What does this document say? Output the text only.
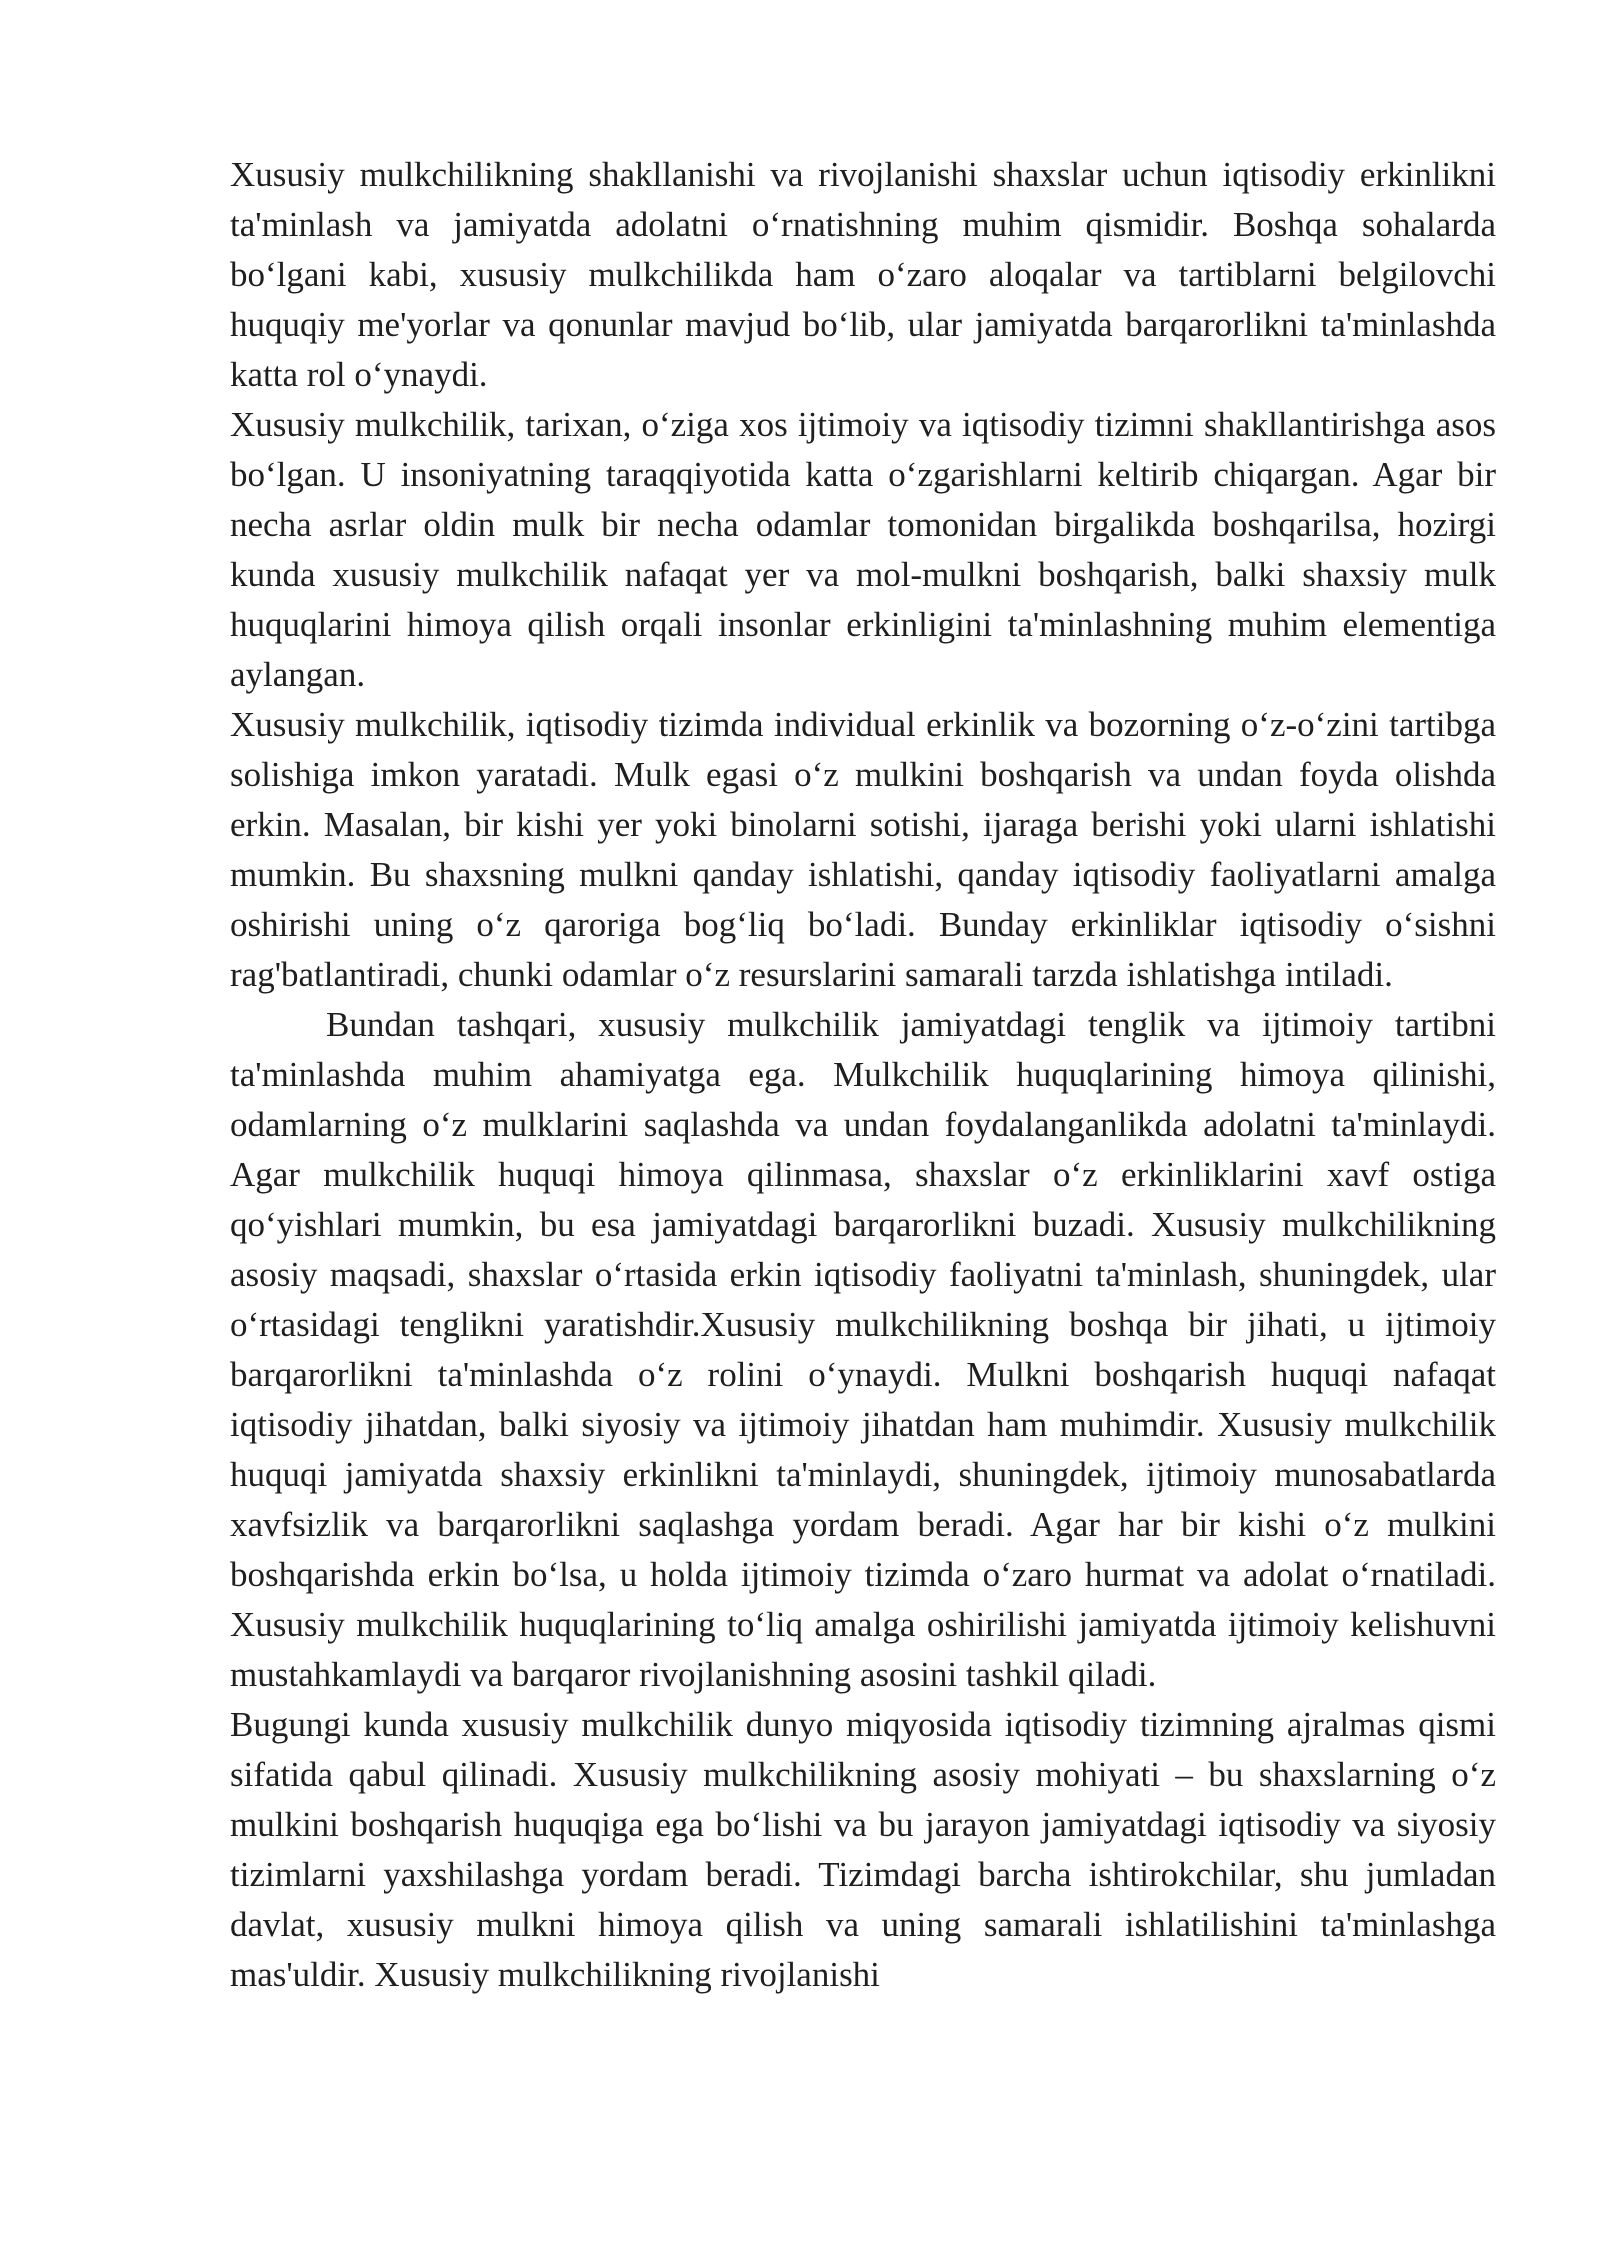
Xususiy mulkchilikning shakllanishi va rivojlanishi shaxslar uchun iqtisodiy erkinlikni ta'minlash va jamiyatda adolatni o‘rnatishning muhim qismidir. Boshqa sohalarda bo‘lgani kabi, xususiy mulkchilikda ham o‘zaro aloqalar va tartiblarni belgilovchi huquqiy me'yorlar va qonunlar mavjud bo‘lib, ular jamiyatda barqarorlikni ta'minlashda katta rol o‘ynaydi.

Xususiy mulkchilik, tarixan, o‘ziga xos ijtimoiy va iqtisodiy tizimni shakllantirishga asos bo‘lgan. U insoniyatning taraqqiyotida katta o‘zgarishlarni keltirib chiqargan. Agar bir necha asrlar oldin mulk bir necha odamlar tomonidan birgalikda boshqarilsa, hozirgi kunda xususiy mulkchilik nafaqat yer va mol-mulkni boshqarish, balki shaxsiy mulk huquqlarini himoya qilish orqali insonlar erkinligini ta'minlashning muhim elementiga aylangan.

Xususiy mulkchilik, iqtisodiy tizimda individual erkinlik va bozorning o‘z-o‘zini tartibga solishiga imkon yaratadi. Mulk egasi o‘z mulkini boshqarish va undan foyda olishda erkin. Masalan, bir kishi yer yoki binolarni sotishi, ijaraga berishi yoki ularni ishlatishi mumkin. Bu shaxsning mulkni qanday ishlatishi, qanday iqtisodiy faoliyatlarni amalga oshirishi uning o‘z qaroriga bog‘liq bo‘ladi. Bunday erkinliklar iqtisodiy o‘sishni rag'batlantiradi, chunki odamlar o‘z resurslarini samarali tarzda ishlatishga intiladi.

Bundan tashqari, xususiy mulkchilik jamiyatdagi tenglik va ijtimoiy tartibni ta'minlashda muhim ahamiyatga ega. Mulkchilik huquqlarining himoya qilinishi, odamlarning o‘z mulklarini saqlashda va undan foydalanganlikda adolatni ta'minlaydi. Agar mulkchilik huquqi himoya qilinmasa, shaxslar o‘z erkinliklarini xavf ostiga qo‘yishlari mumkin, bu esa jamiyatdagi barqarorlikni buzadi. Xususiy mulkchilikning asosiy maqsadi, shaxslar o‘rtasida erkin iqtisodiy faoliyatni ta'minlash, shuningdek, ular o‘rtasidagi tenglikni yaratishdir.Xususiy mulkchilikning boshqa bir jihati, u ijtimoiy barqarorlikni ta'minlashda o‘z rolini o‘ynaydi. Mulkni boshqarish huquqi nafaqat iqtisodiy jihatdan, balki siyosiy va ijtimoiy jihatdan ham muhimdir. Xususiy mulkchilik huquqi jamiyatda shaxsiy erkinlikni ta'minlaydi, shuningdek, ijtimoiy munosabatlarda xavfsizlik va barqarorlikni saqlashga yordam beradi. Agar har bir kishi o‘z mulkini boshqarishda erkin bo‘lsa, u holda ijtimoiy tizimda o‘zaro hurmat va adolat o‘rnatiladi. Xususiy mulkchilik huquqlarining to‘liq amalga oshirilishi jamiyatda ijtimoiy kelishuvni mustahkamlaydi va barqaror rivojlanishning asosini tashkil qiladi.

Bugungi kunda xususiy mulkchilik dunyo miqyosida iqtisodiy tizimning ajralmas qismi sifatida qabul qilinadi. Xususiy mulkchilikning asosiy mohiyati – bu shaxslarning o‘z mulkini boshqarish huquqiga ega bo‘lishi va bu jarayon jamiyatdagi iqtisodiy va siyosiy tizimlarni yaxshilashga yordam beradi. Tizimdagi barcha ishtirokchilar, shu jumladan davlat, xususiy mulkni himoya qilish va uning samarali ishlatilishini ta'minlashga mas'uldir. Xususiy mulkchilikning rivojlanishi
